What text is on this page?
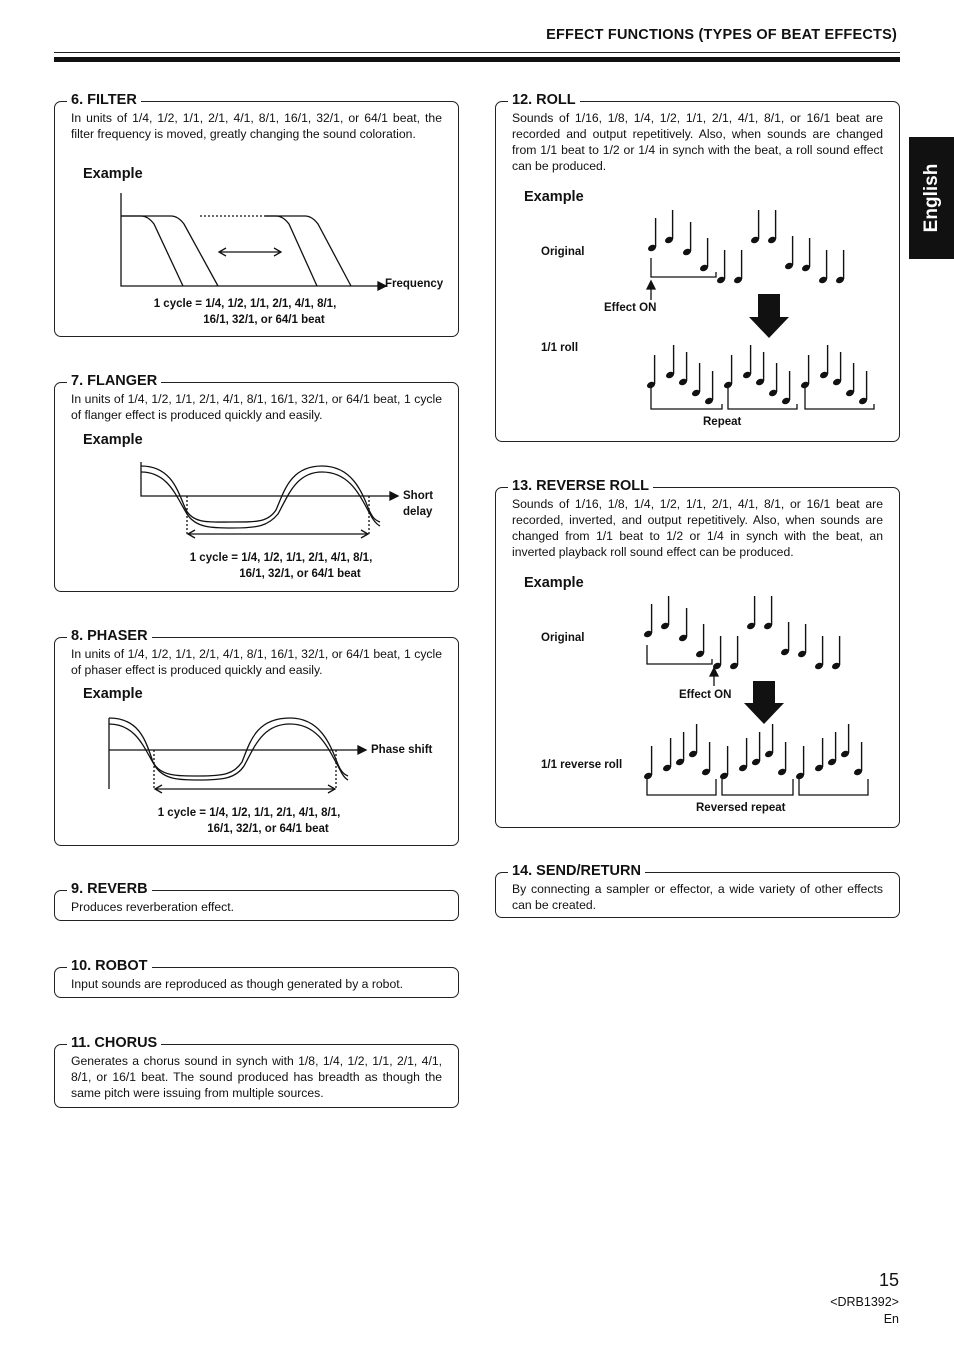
EFFECT FUNCTIONS (TYPES OF BEAT EFFECTS)
English
6. FILTER
In units of 1/4, 1/2, 1/1, 2/1, 4/1, 8/1, 16/1, 32/1, or 64/1 beat, the filter frequency is moved, greatly changing the sound coloration.
Example
Frequency
1 cycle = 1/4, 1/2, 1/1, 2/1, 4/1, 8/1,
16/1, 32/1, or 64/1 beat
7. FLANGER
In units of 1/4, 1/2, 1/1, 2/1, 4/1, 8/1, 16/1, 32/1, or 64/1 beat, 1 cycle of flanger effect is produced quickly and easily.
Example
Short
delay
1 cycle = 1/4, 1/2, 1/1, 2/1, 4/1, 8/1,
16/1, 32/1, or 64/1 beat
8. PHASER
In units of 1/4, 1/2, 1/1, 2/1, 4/1, 8/1, 16/1, 32/1, or 64/1 beat, 1 cycle of phaser effect is produced quickly and easily.
Example
Phase shift
1 cycle = 1/4, 1/2, 1/1, 2/1, 4/1, 8/1,
16/1, 32/1, or 64/1 beat
9. REVERB
Produces reverberation effect.
10. ROBOT
Input sounds are reproduced as though generated by a robot.
11. CHORUS
Generates a chorus sound in synch with 1/8, 1/4, 1/2, 1/1, 2/1, 4/1, 8/1, or 16/1 beat. The sound produced has breadth as though the same pitch were issuing from multiple sources.
12. ROLL
Sounds of 1/16, 1/8, 1/4, 1/2, 1/1, 2/1, 4/1, 8/1, or 16/1 beat are recorded and output repetitively. Also, when sounds are changed from 1/1 beat to 1/2 or 1/4 in synch with the beat, a roll sound effect can be produced.
Example
Original
Effect ON
1/1 roll
Repeat
13. REVERSE ROLL
Sounds of 1/16, 1/8, 1/4, 1/2, 1/1, 2/1, 4/1, 8/1, or 16/1 beat are recorded, inverted, and output repetitively. Also, when sounds are changed from 1/1 beat to 1/2 or 1/4 in synch with the beat, an inverted playback roll sound effect can be produced.
Example
Original
Effect ON
1/1 reverse roll
Reversed repeat
14. SEND/RETURN
By connecting a sampler or effector, a wide variety of other effects can be created.
15
<DRB1392>
En
